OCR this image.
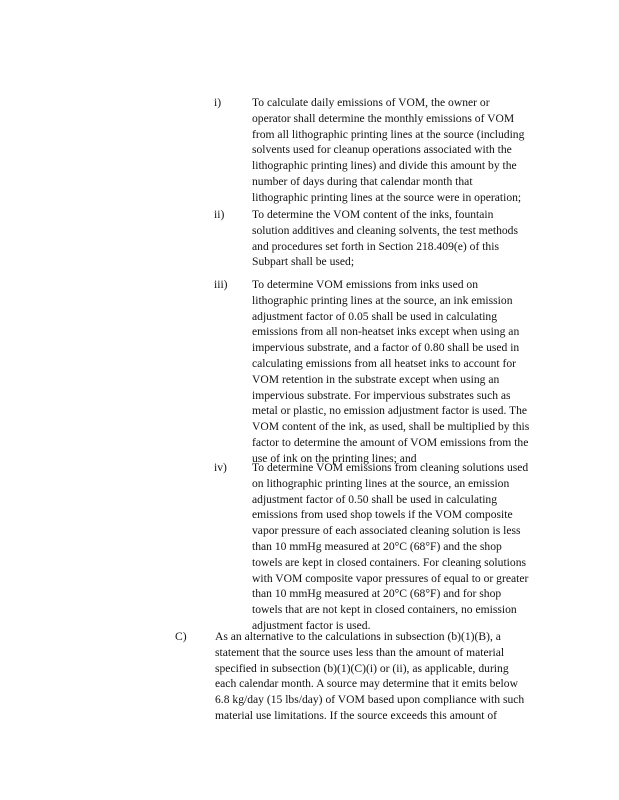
i)	To calculate daily emissions of VOM, the owner or
operator shall determine the monthly emissions of VOM
from all lithographic printing lines at the source (including
solvents used for cleanup operations associated with the
lithographic printing lines) and divide this amount by the
number of days during that calendar month that
lithographic printing lines at the source were in operation;
ii) To determine the VOM content of the inks, fountain
solution additives and cleaning solvents, the test methods
and procedures set forth in Section 218.409(e) of this
Subpart shall be used;
iii) To determine VOM emissions from inks used on
lithographic printing lines at the source, an ink emission
adjustment factor of 0.05 shall be used in calculating
emissions from all non-heatset inks except when using an
impervious substrate, and a factor of 0.80 shall be used in
calculating emissions from all heatset inks to account for
VOM retention in the substrate except when using an
impervious substrate. For impervious substrates such as
metal or plastic, no emission adjustment factor is used. The
VOM content of the ink, as used, shall be multiplied by this
factor to determine the amount of VOM emissions from the
use of ink on the printing lines; and
iv) To determine VOM emissions from cleaning solutions used
on lithographic printing lines at the source, an emission
adjustment factor of 0.50 shall be used in calculating
emissions from used shop towels if the VOM composite
vapor pressure of each associated cleaning solution is less
than 10 mmHg measured at 20°C (68°F) and the shop
towels are kept in closed containers. For cleaning solutions
with VOM composite vapor pressures of equal to or greater
than 10 mmHg measured at 20°C (68°F) and for shop
towels that are not kept in closed containers, no emission
adjustment factor is used.
C) As an alternative to the calculations in subsection (b)(1)(B), a
statement that the source uses less than the amount of material
specified in subsection (b)(1)(C)(i) or (ii), as applicable, during
each calendar month. A source may determine that it emits below
6.8 kg/day (15 lbs/day) of VOM based upon compliance with such
material use limitations. If the source exceeds this amount of
